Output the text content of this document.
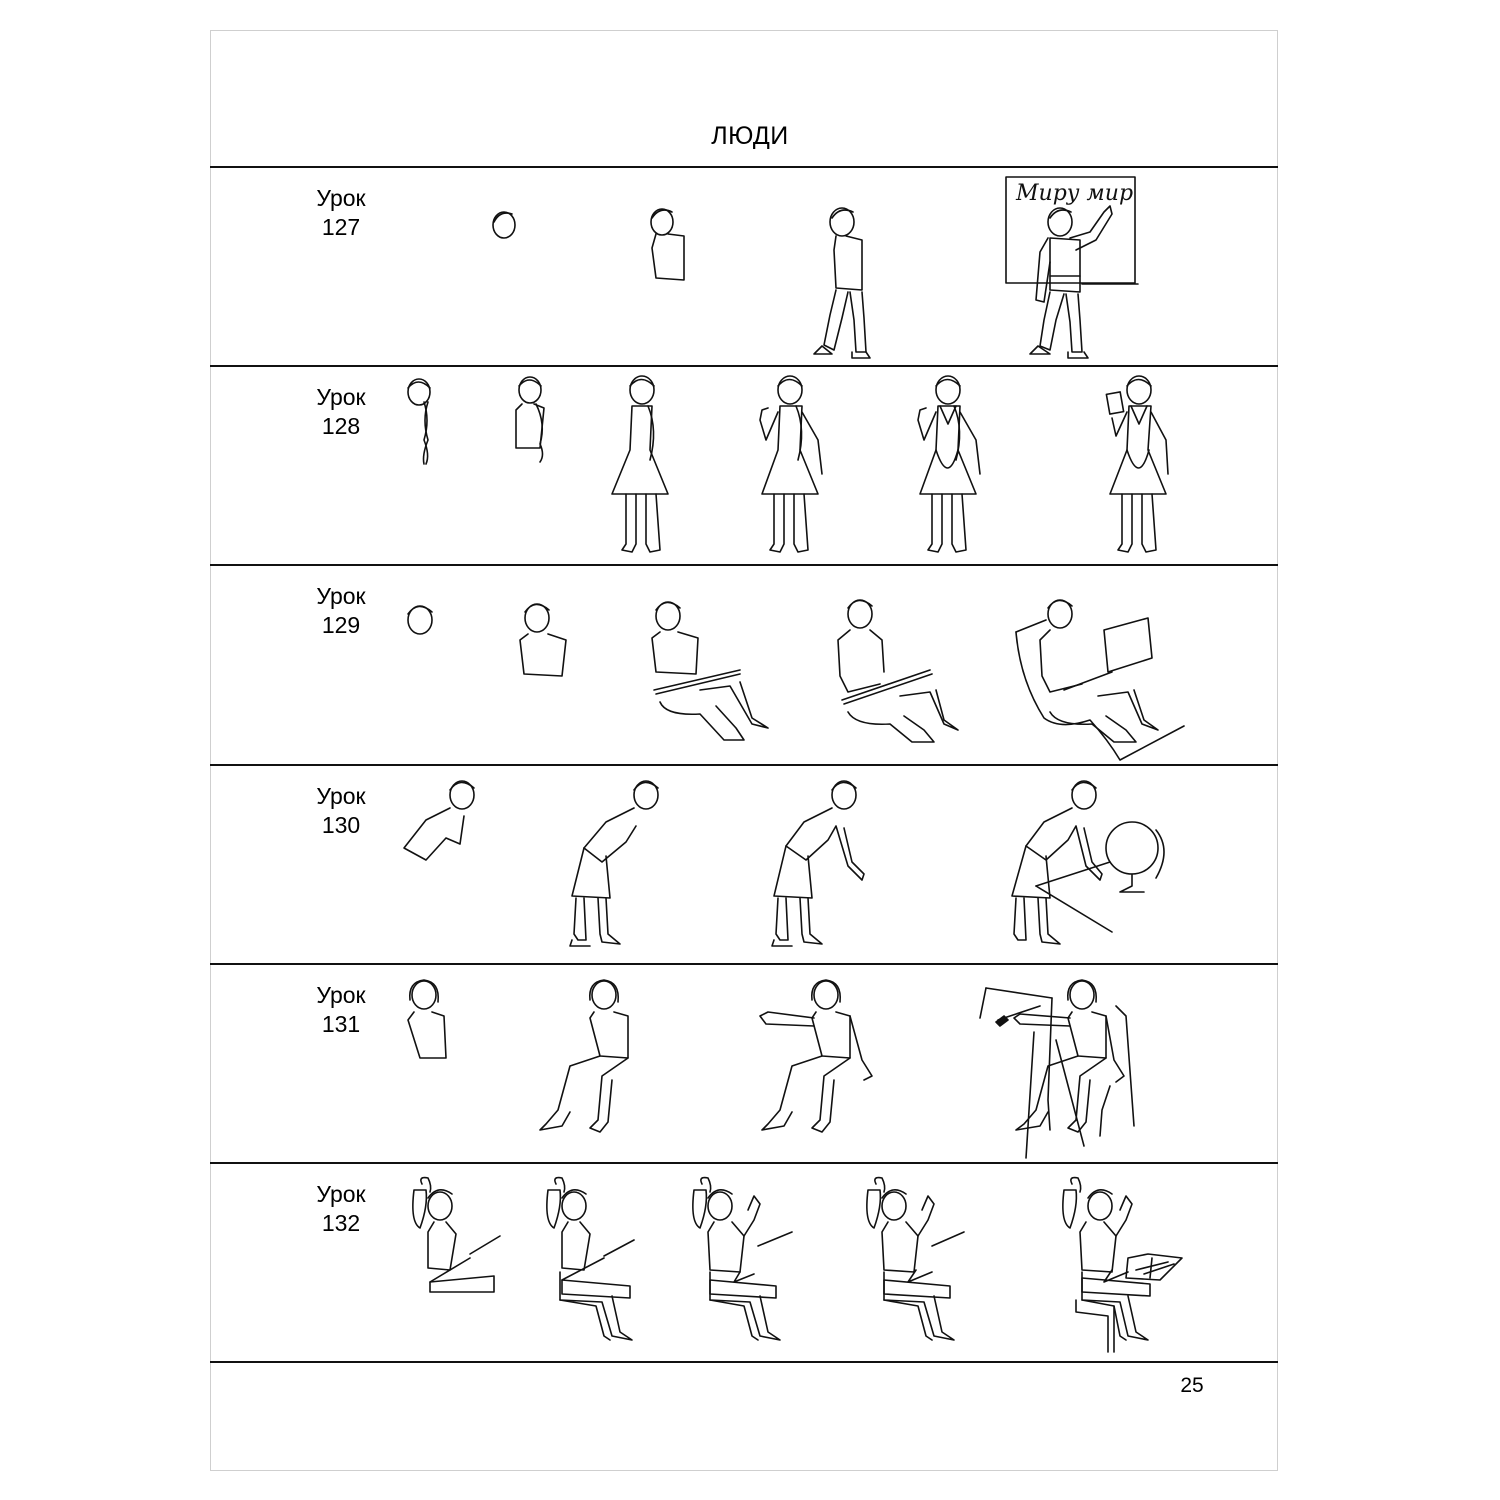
ЛЮДИ
Урок
127
Урок
128
Урок
129
Урок
130
Урок
131
Урок
132
25
Миру мир
